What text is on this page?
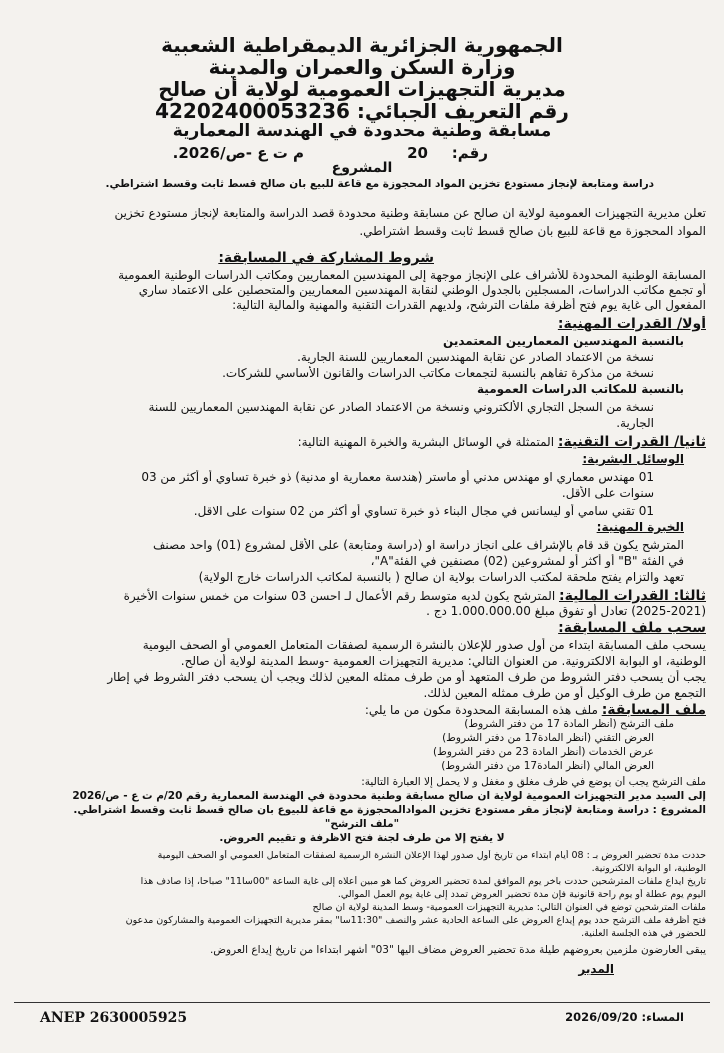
الجمهورية الجزائرية الديمقراطية الشعبية
وزارة السكن والعمران والمدينة
مديرية التجهيزات العمومية لولاية أن صالح
رقم التعريف الجبائي: 42202400053236
مسابقة وطنية محدودة في الهندسة المعمارية
رقم:
20
م ت ع -ص/2026.
المشروع
دراسة ومتابعة لإنجاز مستودع تخزين المواد المحجوزة مع قاعة للبيع بان صالح قسط ثابت وقسط اشتراطي.
تعلن مديرية التجهيزات العمومية لولاية ان صالح عن مسابقة وطنية محدودة قصد الدراسة والمتابعة لإنجاز مستودع تخزين
المواد المحجوزة مع قاعة للبيع بان صالح قسط ثابت وقسط اشتراطي.
شروط المشاركة في المسابقة:
المسابقة الوطنية المحدودة للأشراف على الإنجاز موجهة إلى المهندسين المعماريين ومكاتب الدراسات الوطنية العمومية
أو تجمع مكاتب الدراسات، المسجلين بالجدول الوطني لنقابة المهندسين المعماريين والمتحصلين على الاعتماد ساري
المفعول الى غاية يوم فتح أظرفة ملفات الترشح، ولديهم القدرات التقنية والمهنية والمالية التالية:
أولا/ القدرات المهنية:
بالنسبة المهندسين المعماريين المعتمدين
نسخة من الاعتماد الصادر عن نقابة المهندسين المعماريين للسنة الجارية.
نسخة من مذكرة تفاهم بالنسبة لتجمعات مكاتب الدراسات والقانون الأساسي للشركات.
بالنسبة للمكاتب الدراسات العمومية
نسخة من السجل التجاري الألكتروني ونسخة من الاعتماد الصادر عن نقابة المهندسين المعماريين للسنة
الجارية.
ثانيا/ القدرات التقنية: المتمثلة في الوسائل البشرية والخبرة المهنية التالية:
الوسائل البشرية:
01 مهندس معماري او مهندس مدني أو ماستر (هندسة معمارية او مدنية) ذو خبرة تساوي أو أكثر من 03
سنوات على الأقل.
01 تقني سامي أو ليسانس في مجال البناء ذو خبرة تساوي أو أكثر من 02 سنوات على الاقل.
الخبرة المهنية:
المترشح يكون قد قام بالإشراف على انجاز دراسة او (دراسة ومتابعة) على الأقل لمشروع (01) واحد مصنف
في الفئة "B" أو أكثر أو لمشروعين (02) مصنفين في الفئة"A"،
تعهد والتزام يفتح ملحقة لمكتب الدراسات بولاية ان صالح ( بالنسبة لمكاتب الدراسات خارج الولاية)
ثالثا: القدرات المالية: المترشح يكون لديه متوسط رقم الأعمال لـ احسن 03 سنوات من خمس سنوات الأخيرة
(2025-2021) تعادل أو تفوق مبلغ 1.000.000.00 دج .
سحب ملف المسابقة:
يسحب ملف المسابقة ابتداء من أول صدور للإعلان بالنشرة الرسمية لصفقات المتعامل العمومي أو الصحف اليومية
الوطنية، او البوابة الالكترونية. من العنوان التالي: مديرية التجهيزات العمومية -وسط المدينة لولاية أن صالح.
يجب أن يسحب دفتر الشروط من طرف المتعهد أو من طرف ممثله المعين لذلك ويجب أن يسحب دفتر الشروط في إطار
التجمع من طرف الوكيل أو من طرف ممثله المعين لذلك.
ملف المسابقة: ملف هذه المسابقة المحدودة مكون من ما يلي:
ملف الترشح (أنظر المادة 17 من دفتر الشروط)
العرض التقني (أنظر المادة17 من دفتر الشروط)
عرض الخدمات (أنظر المادة 23 من دفتر الشروط)
العرض المالي (أنظر المادة17 من دفتر الشروط)
ملف الترشح يجب أن يوضع في ظرف مغلق و مغفل و لا يحمل إلا العبارة التالية:
إلى السيد مدير التجهيزات العمومية لولاية ان صالح مسابقة وطنية محدودة في الهندسة المعمارية رقم 20/م ت ع - ص/2026
المشروع : دراسة ومتابعة لإنجاز مقر مستودع تخزين الموادالمحجوزة مع قاعة للبيوع بان صالح قسط ثابت وقسط اشتراطي.
"ملف الترشح"
لا يفتح إلا من طرف لجنة فتح الاظرفة و تقييم العروض.
حددت مدة تحضير العروض بـ : 08 أيام ابتداء من تاريخ أول صدور لهذا الإعلان النشرة الرسمية لصفقات المتعامل العمومي أو الصحف اليومية
الوطنية، او البوابة الالكترونية.
تاريخ ايداع ملفات المترشحين حددت بآخر يوم الموافق لمدة تحضير العروض كما هو مبين أعلاه إلى غاية الساعة "00سا11" صباحا، إذا صادف هذا
اليوم يوم عطلة أو يوم راحة قانونية فإن مدة تحضير العروض تمدد إلى غاية يوم العمل الموالي.
ملفات المترشحين توضع في العنوان التالي: مديرية التجهيزات العمومية- وسط المدينة لولاية ان صالح
فتح أظرفة ملف الترشح حدد يوم إيداع العروض على الساعة الحادية عشر والنصف "11:30سا" بمقر مديرية التجهيزات العمومية والمشاركون مدعون
للحضور في هذه الجلسة العلنية.
يبقى العارضون ملزمين بعروضهم طيلة مدة تحضير العروض مضاف اليها "03" أشهر ابتداءا من تاريخ إيداع العروض.
المدير
ANEP 2630005925	المساء: 2026/09/20
